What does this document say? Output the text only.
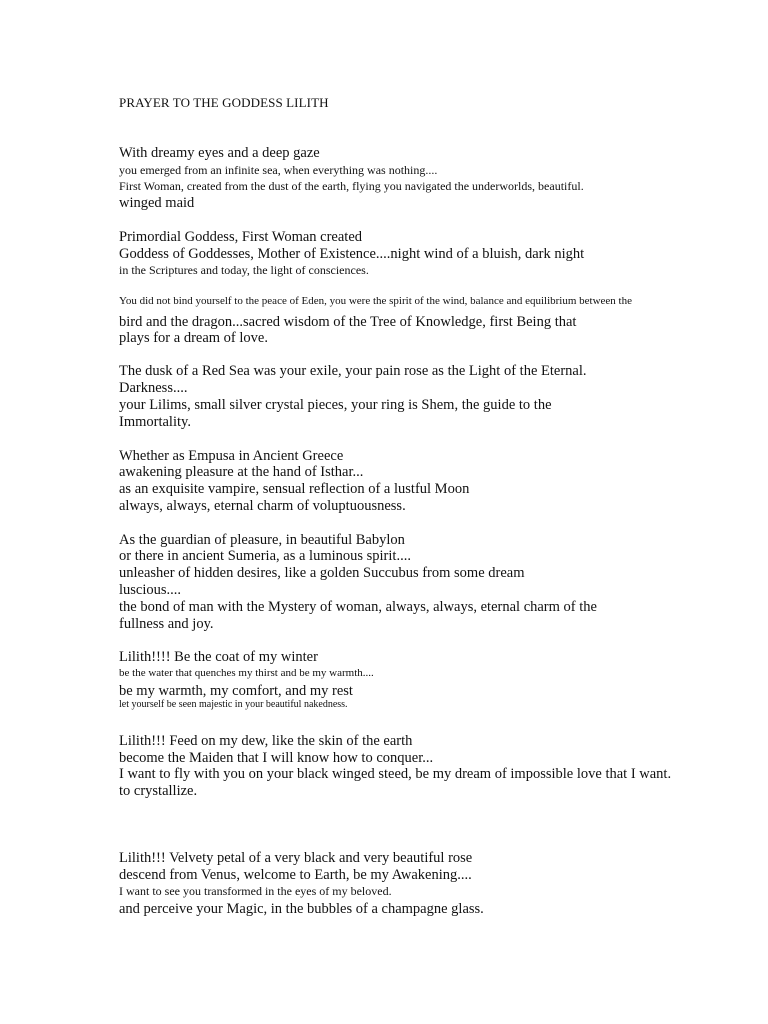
PRAYER TO THE GODDESS LILITH
With dreamy eyes and a deep gaze
you emerged from an infinite sea, when everything was nothing....
First Woman, created from the dust of the earth, flying you navigated the underworlds, beautiful.
winged maid
Primordial Goddess, First Woman created
Goddess of Goddesses, Mother of Existence....night wind of a bluish, dark night
in the Scriptures and today, the light of consciences.
You did not bind yourself to the peace of Eden, you were the spirit of the wind, balance and equilibrium between the
bird and the dragon...sacred wisdom of the Tree of Knowledge, first Being that
plays for a dream of love.
The dusk of a Red Sea was your exile, your pain rose as the Light of the Eternal.
Darkness....
your Lilims, small silver crystal pieces, your ring is Shem, the guide to the
Immortality.
Whether as Empusa in Ancient Greece
awakening pleasure at the hand of Isthar...
as an exquisite vampire, sensual reflection of a lustful Moon
always, always, eternal charm of voluptuousness.
As the guardian of pleasure, in beautiful Babylon
or there in ancient Sumeria, as a luminous spirit....
unleasher of hidden desires, like a golden Succubus from some dream
luscious....
the bond of man with the Mystery of woman, always, always, eternal charm of the
fullness and joy.
Lilith!!!! Be the coat of my winter
be the water that quenches my thirst and be my warmth....
be my warmth, my comfort, and my rest
let yourself be seen majestic in your beautiful nakedness.
Lilith!!! Feed on my dew, like the skin of the earth
become the Maiden that I will know how to conquer...
I want to fly with you on your black winged steed, be my dream of impossible love that I want.
to crystallize.
Lilith!!! Velvety petal of a very black and very beautiful rose
descend from Venus, welcome to Earth, be my Awakening....
I want to see you transformed in the eyes of my beloved.
and perceive your Magic, in the bubbles of a champagne glass.
